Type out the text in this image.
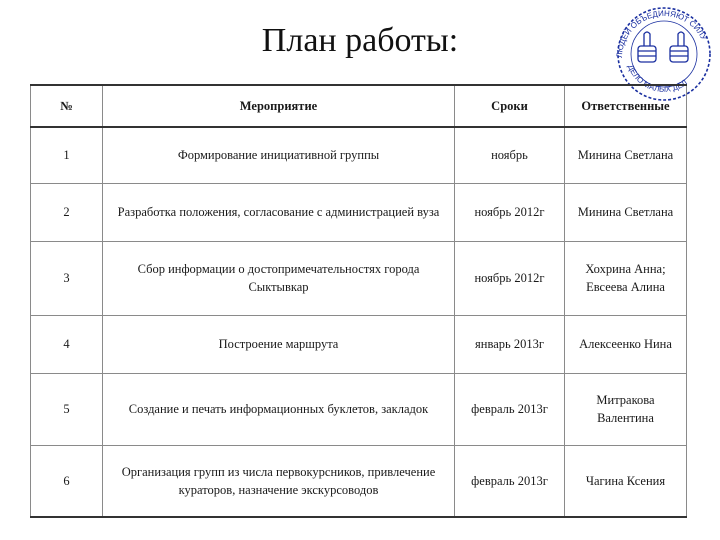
План работы:	ЛЮДЕЙ ОБЪЕДИНЯЮТ СИЛУ
ДЕЛО МАЛЫХ ДЕЛ
№	Мероприятие	Сроки	Ответственные
1	Формирование инициативной группы	ноябрь	Минина Светлана
2	Разработка положения, согласование с администрацией вуза	ноябрь 2012г	Минина Светлана
3	Сбор информации о достопримечательностях города Сыктывкар	ноябрь 2012г	Хохрина Анна; Евсеева Алина
4	Построение маршрута	январь 2013г	Алексеенко Нина
5	Создание и печать информационных буклетов, закладок	февраль 2013г	Митракова Валентина
6	Организация групп из числа первокурсников, привлечение кураторов, назначение экскурсоводов	февраль 2013г	Чагина Ксения
